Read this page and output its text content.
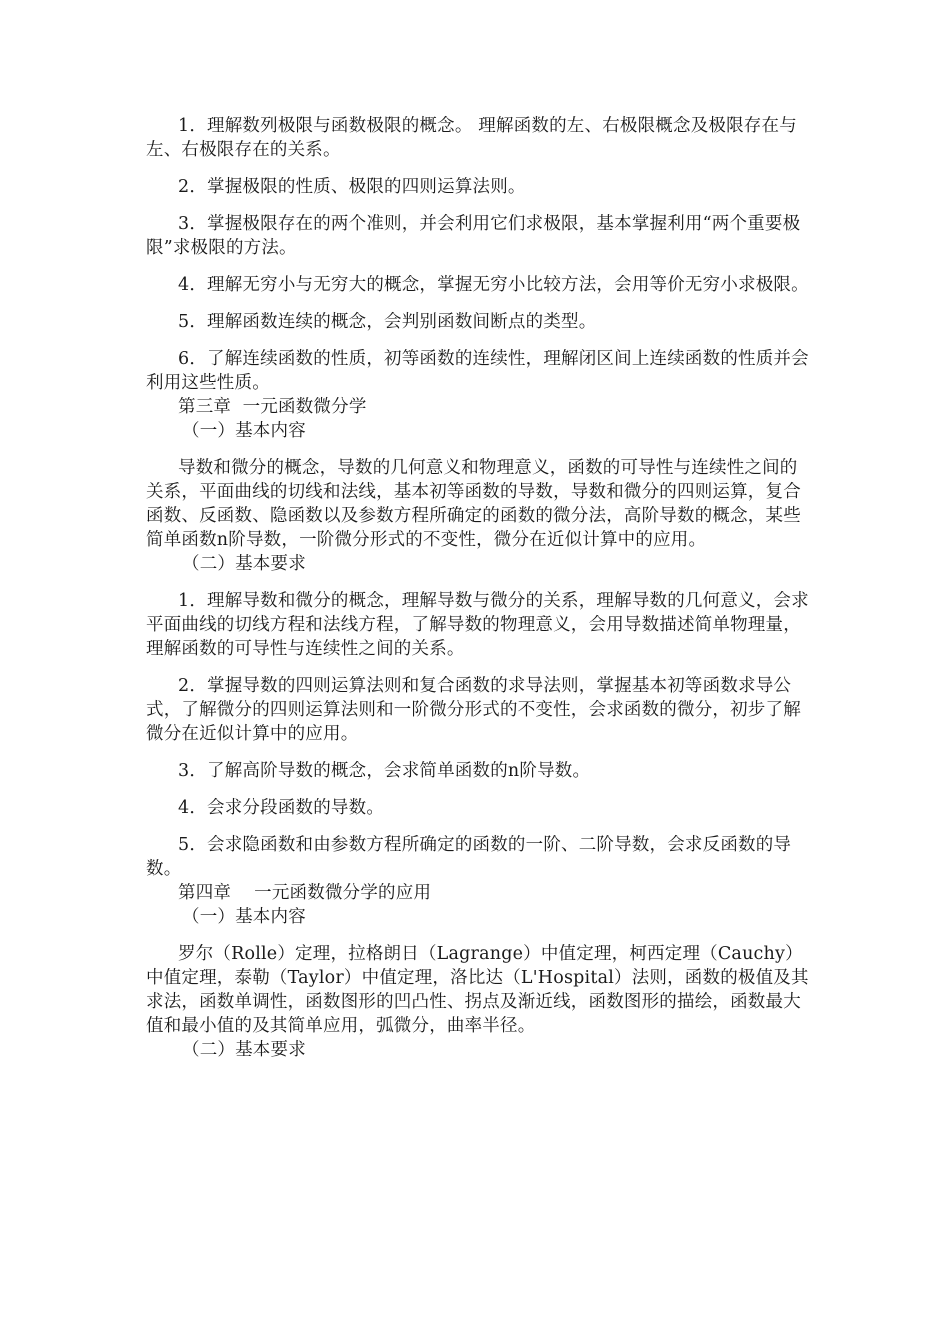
1．理解数列极限与函数极限的概念。 理解函数的左、右极限概念及极限存在与左、右极限存在的关系。

2．掌握极限的性质、极限的四则运算法则。

3．掌握极限存在的两个准则，并会利用它们求极限，基本掌握利用“两个重要极限”求极限的方法。

4．理解无穷小与无穷大的概念，掌握无穷小比较方法，会用等价无穷小求极限。

5．理解函数连续的概念，会判别函数间断点的类型。

6．了解连续函数的性质，初等函数的连续性，理解闭区间上连续函数的性质并会利用这些性质。

第三章  一元函数微分学

（一）基本内容

导数和微分的概念，导数的几何意义和物理意义，函数的可导性与连续性之间的关系，平面曲线的切线和法线，基本初等函数的导数，导数和微分的四则运算，复合函数、反函数、隐函数以及参数方程所确定的函数的微分法，高阶导数的概念，某些简单函数n阶导数，一阶微分形式的不变性，微分在近似计算中的应用。

（二）基本要求

1．理解导数和微分的概念，理解导数与微分的关系，理解导数的几何意义，会求平面曲线的切线方程和法线方程，了解导数的物理意义，会用导数描述简单物理量，理解函数的可导性与连续性之间的关系。

2．掌握导数的四则运算法则和复合函数的求导法则，掌握基本初等函数求导公式，了解微分的四则运算法则和一阶微分形式的不变性，会求函数的微分，初步了解微分在近似计算中的应用。

3．了解高阶导数的概念，会求简单函数的n阶导数。

4．会求分段函数的导数。

5．会求隐函数和由参数方程所确定的函数的一阶、二阶导数，会求反函数的导数。

第四章    一元函数微分学的应用

（一）基本内容

罗尔（Rolle）定理，拉格朗日（Lagrange）中值定理，柯西定理（Cauchy）中值定理，泰勒（Taylor）中值定理，洛比达（L'Hospital）法则，函数的极值及其求法，函数单调性，函数图形的凹凸性、拐点及渐近线，函数图形的描绘，函数最大值和最小值的及其简单应用，弧微分，曲率半径。

（二）基本要求
